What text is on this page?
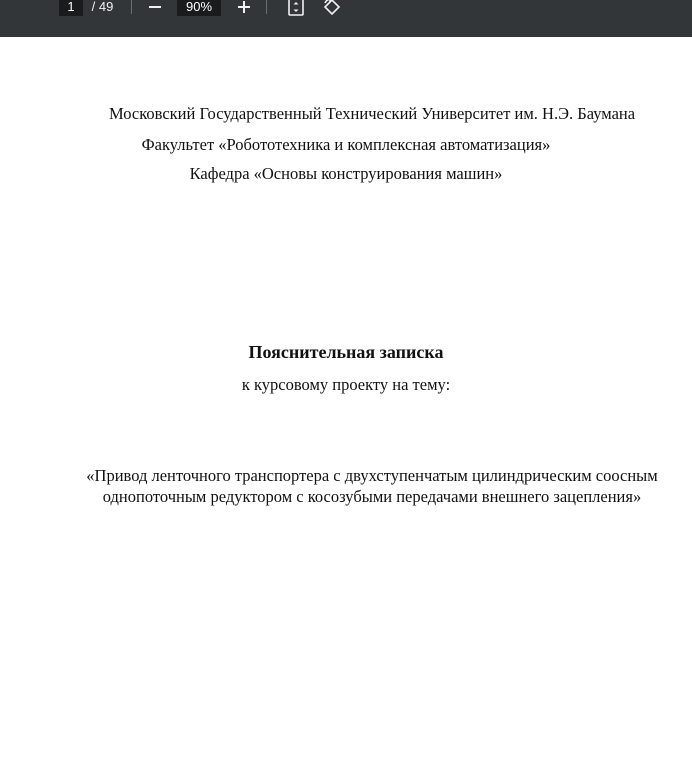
1
/ 49
90%
Московский Государственный Технический Университет им. Н.Э. Баумана
Факультет «Робототехника и комплексная автоматизация»
Кафедра «Основы конструирования машин»
Пояснительная записка
к курсовому проекту на тему:
«Привод ленточного транспортера с двухступенчатым цилиндрическим соосным однопоточным редуктором с косозубыми передачами внешнего зацепления»
